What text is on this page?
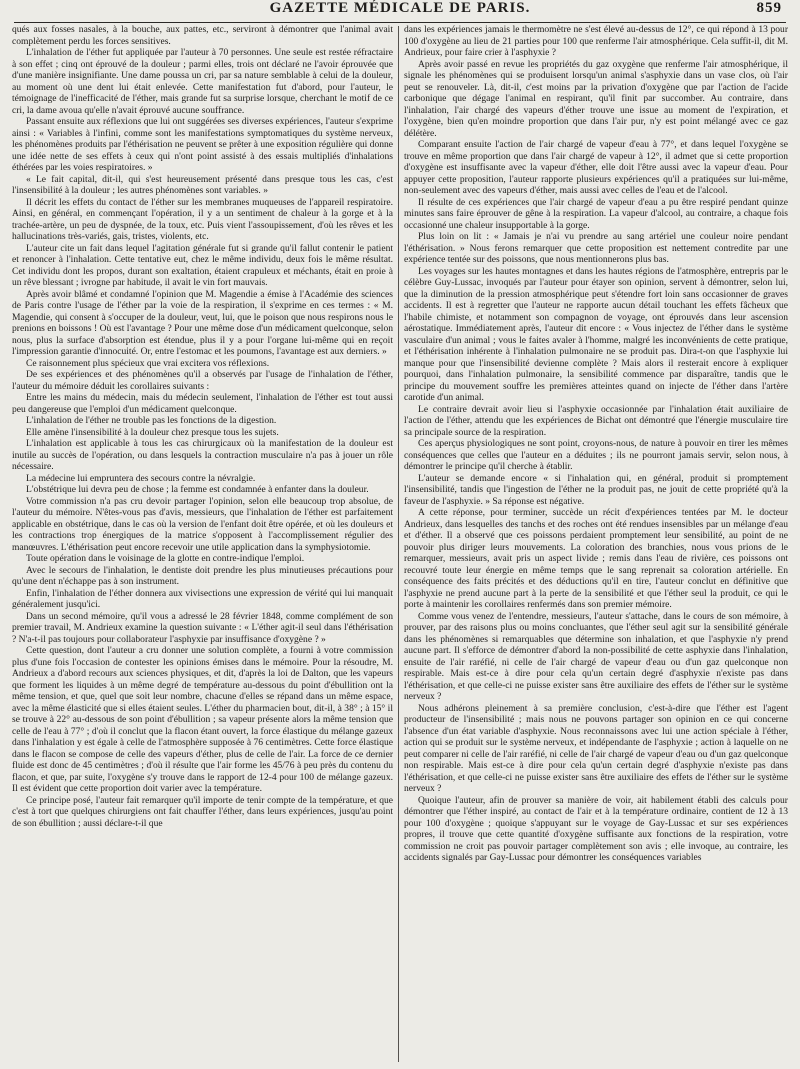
GAZETTE MÉDICALE DE PARIS.	859

qués aux fosses nasales, à la bouche, aux pattes, etc., serviront à démontrer que l'animal avait complètement perdu les forces sensitives.

L'inhalation de l'éther fut appliquée par l'auteur à 70 personnes. Une seule est restée réfractaire à son effet ; cinq ont éprouvé de la douleur ; parmi elles, trois ont déclaré ne l'avoir éprouvée que d'une manière insignifiante. Une dame poussa un cri, par sa nature semblable à celui de la douleur, au moment où une dent lui était enlevée. Cette manifestation fut d'abord, pour l'auteur, le témoignage de l'inefficacité de l'éther, mais grande fut sa surprise lorsque, cherchant le motif de ce cri, la dame avoua qu'elle n'avait éprouvé aucune souffrance.

Passant ensuite aux réflexions que lui ont suggérées ses diverses expériences, l'auteur s'exprime ainsi : « Variables à l'infini, comme sont les manifestations symptomatiques du système nerveux, les phénomènes produits par l'éthérisation ne peuvent se prêter à une exposition régulière qui donne une idée nette de ses effets à ceux qui n'ont point assisté à des essais multipliés d'inhalations éthérées par les voies respiratoires. »

« Le fait capital, dit-il, qui s'est heureusement présenté dans presque tous les cas, c'est l'insensibilité à la douleur ; les autres phénomènes sont variables. »

Il décrit les effets du contact de l'éther sur les membranes muqueuses de l'appareil respiratoire. Ainsi, en général, en commençant l'opération, il y a un sentiment de chaleur à la gorge et à la trachée-artère, un peu de dyspnée, de la toux, etc. Puis vient l'assoupissement, d'où les rêves et les hallucinations très-variés, gais, tristes, violents, etc.

L'auteur cite un fait dans lequel l'agitation générale fut si grande qu'il fallut contenir le patient et renoncer à l'inhalation. Cette tentative eut, chez le même individu, deux fois le même résultat. Cet individu dont les propos, durant son exaltation, étaient crapuleux et méchants, était en proie à un rêve blessant ; ivrogne par habitude, il avait le vin fort mauvais.

Après avoir blâmé et condamné l'opinion que M. Magendie a émise à l'Académie des sciences de Paris contre l'usage de l'éther par la voie de la respiration, il s'exprime en ces termes : « M. Magendie, qui consent à s'occuper de la douleur, veut, lui, que le poison que nous respirons nous le prenions en boissons ! Où est l'avantage ? Pour une même dose d'un médicament quelconque, selon nous, plus la surface d'absorption est étendue, plus il y a pour l'organe lui-même qui en reçoit l'impression garantie d'innocuité. Or, entre l'estomac et les poumons, l'avantage est aux derniers. »

Ce raisonnement plus spécieux que vrai excitera vos réflexions.

De ses expériences et des phénomènes qu'il a observés par l'usage de l'inhalation de l'éther, l'auteur du mémoire déduit les corollaires suivants :

Entre les mains du médecin, mais du médecin seulement, l'inhalation de l'éther est tout aussi peu dangereuse que l'emploi d'un médicament quelconque.

L'inhalation de l'éther ne trouble pas les fonctions de la digestion.

Elle amène l'insensibilité à la douleur chez presque tous les sujets.

L'inhalation est applicable à tous les cas chirurgicaux où la manifestation de la douleur est inutile au succès de l'opération, ou dans lesquels la contraction musculaire n'a pas à jouer un rôle nécessaire.

La médecine lui empruntera des secours contre la névralgie.

L'obstétrique lui devra peu de chose ; la femme est condamnée à enfanter dans la douleur.

Votre commission n'a pas cru devoir partager l'opinion, selon elle beaucoup trop absolue, de l'auteur du mémoire. N'êtes-vous pas d'avis, messieurs, que l'inhalation de l'éther est parfaitement applicable en obstétrique, dans le cas où la version de l'enfant doit être opérée, et où les douleurs et les contractions trop énergiques de la matrice s'opposent à l'accomplissement régulier des manœuvres. L'éthérisation peut encore recevoir une utile application dans la symphysiotomie.

Toute opération dans le voisinage de la glotte en contre-indique l'emploi.

Avec le secours de l'inhalation, le dentiste doit prendre les plus minutieuses précautions pour qu'une dent n'échappe pas à son instrument.

Enfin, l'inhalation de l'éther donnera aux vivisections une expression de vérité qui lui manquait généralement jusqu'ici.

Dans un second mémoire, qu'il vous a adressé le 28 février 1848, comme complément de son premier travail, M. Andrieux examine la question suivante : « L'éther agit-il seul dans l'éthérisation ? N'a-t-il pas toujours pour collaborateur l'asphyxie par insuffisance d'oxygène ? »

Cette question, dont l'auteur a cru donner une solution complète, a fourni à votre commission plus d'une fois l'occasion de contester les opinions émises dans le mémoire. Pour la résoudre, M. Andrieux a d'abord recours aux sciences physiques, et dit, d'après la loi de Dalton, que les vapeurs que forment les liquides à un même degré de température au-dessous du point d'ébullition ont la même tension, et que, quel que soit leur nombre, chacune d'elles se répand dans un même espace, avec la même élasticité que si elles étaient seules. L'éther du pharmacien bout, dit-il, à 38° ; à 15° il se trouve à 22° au-dessous de son point d'ébullition ; sa vapeur présente alors la même tension que celle de l'eau à 77° ; d'où il conclut que la flacon étant ouvert, la force élastique du mélange gazeux dans l'inhalation y est égale à celle de l'atmosphère supposée à 76 centimètres. Cette force élastique dans le flacon se compose de celle des vapeurs d'éther, plus de celle de l'air. La force de ce dernier fluide est donc de 45 centimètres ; d'où il résulte que l'air forme les 45/76 à peu près du contenu du flacon, et que, par suite, l'oxygène s'y trouve dans le rapport de 12-4 pour 100 de mélange gazeux. Il est évident que cette proportion doit varier avec la température.

Ce principe posé, l'auteur fait remarquer qu'il importe de tenir compte de la température, et que c'est à tort que quelques chirurgiens ont fait chauffer l'éther, dans leurs expériences, jusqu'au point de son ébullition ; aussi déclare-t-il que

dans les expériences jamais le thermomètre ne s'est élevé au-dessus de 12°, ce qui répond à 13 pour 100 d'oxygène au lieu de 21 parties pour 100 que renferme l'air atmosphérique. Cela suffit-il, dit M. Andrieux, pour faire crier à l'asphyxie ?

Après avoir passé en revue les propriétés du gaz oxygène que renferme l'air atmosphérique, il signale les phénomènes qui se produisent lorsqu'un animal s'asphyxie dans un vase clos, où l'air peut se renouveler. Là, dit-il, c'est moins par la privation d'oxygène que par l'action de l'acide carbonique que dégage l'animal en respirant, qu'il finit par succomber. Au contraire, dans l'inhalation, l'air chargé des vapeurs d'éther trouve une issue au moment de l'expiration, et l'oxygène, bien qu'en moindre proportion que dans l'air pur, n'y est point mélangé avec ce gaz délétère.

Comparant ensuite l'action de l'air chargé de vapeur d'eau à 77°, et dans lequel l'oxygène se trouve en même proportion que dans l'air chargé de vapeur à 12°, il admet que si cette proportion d'oxygène est insuffisante avec la vapeur d'éther, elle doit l'être aussi avec la vapeur d'eau. Pour appuyer cette proposition, l'auteur rapporte plusieurs expériences qu'il a pratiquées sur lui-même, non-seulement avec des vapeurs d'éther, mais aussi avec celles de l'eau et de l'alcool.

Il résulte de ces expériences que l'air chargé de vapeur d'eau a pu être respiré pendant quinze minutes sans faire éprouver de gêne à la respiration. La vapeur d'alcool, au contraire, a chaque fois occasionné une chaleur insupportable à la gorge.

Plus loin on lit : « Jamais je n'ai vu prendre au sang artériel une couleur noire pendant l'éthérisation. » Nous ferons remarquer que cette proposition est nettement contredite par une expérience tentée sur des poissons, que nous mentionnerons plus bas.

Les voyages sur les hautes montagnes et dans les hautes régions de l'atmosphère, entrepris par le célèbre Guy-Lussac, invoqués par l'auteur pour étayer son opinion, servent à démontrer, selon lui, que la diminution de la pression atmosphérique peut s'étendre fort loin sans occasionner de graves accidents. Il est à regretter que l'auteur ne rapporte aucun détail touchant les effets fâcheux que l'habile chimiste, et notamment son compagnon de voyage, ont éprouvés dans leur ascension aérostatique. Immédiatement après, l'auteur dit encore : « Vous injectez de l'éther dans le système vasculaire d'un animal ; vous le faites avaler à l'homme, malgré les inconvénients de cette pratique, et l'éthérisation inhérente à l'inhalation pulmonaire ne se produit pas. Dira-t-on que l'asphyxie lui manque pour que l'insensibilité devienne complète ? Mais alors il resterait encore à expliquer pourquoi, dans l'inhalation pulmonaire, la sensibilité commence par disparaître, tandis que le principe du mouvement souffre les premières atteintes quand on injecte de l'éther dans l'artère carotide d'un animal.

Le contraire devrait avoir lieu si l'asphyxie occasionnée par l'inhalation était auxiliaire de l'action de l'éther, attendu que les expériences de Bichat ont démontré que l'énergie musculaire tire sa principale source de la respiration.

Ces aperçus physiologiques ne sont point, croyons-nous, de nature à pouvoir en tirer les mêmes conséquences que celles que l'auteur en a déduites ; ils ne pourront jamais servir, selon nous, à démontrer le principe qu'il cherche à établir.

L'auteur se demande encore « si l'inhalation qui, en général, produit si promptement l'insensibilité, tandis que l'ingestion de l'éther ne la produit pas, ne jouit de cette propriété qu'à la faveur de l'asphyxie. » Sa réponse est négative.

A cette réponse, pour terminer, succède un récit d'expériences tentées par M. le docteur Andrieux, dans lesquelles des tanchs et des roches ont été rendues insensibles par un mélange d'eau et d'éther. Il a observé que ces poissons perdaient promptement leur sensibilité, au point de ne pouvoir plus diriger leurs mouvements. La coloration des branchies, nous vous prions de le remarquer, messieurs, avait pris un aspect livide ; remis dans l'eau de rivière, ces poissons ont recouvré toute leur énergie en même temps que le sang reprenait sa coloration artérielle. En conséquence des faits précités et des déductions qu'il en tire, l'auteur conclut en définitive que l'asphyxie ne prend aucune part à la perte de la sensibilité et que l'éther seul la produit, ce qui le porte à maintenir les corollaires renfermés dans son premier mémoire.

Comme vous venez de l'entendre, messieurs, l'auteur s'attache, dans le cours de son mémoire, à prouver, par des raisons plus ou moins concluantes, que l'éther seul agit sur la sensibilité générale dans les phénomènes si remarquables que détermine son inhalation, et que l'asphyxie n'y prend aucune part. Il s'efforce de démontrer d'abord la non-possibilité de cette asphyxie dans l'inhalation, ensuite de l'air raréfié, ni celle de l'air chargé de vapeur d'eau ou d'un gaz quelconque non respirable. Mais est-ce à dire pour cela qu'un certain degré d'asphyxie n'existe pas dans l'éthérisation, et que celle-ci ne puisse exister sans être auxiliaire des effets de l'éther sur le système nerveux ?

Nous adhérons pleinement à sa première conclusion, c'est-à-dire que l'éther est l'agent producteur de l'insensibilité ; mais nous ne pouvons partager son opinion en ce qui concerne l'absence d'un état variable d'asphyxie. Nous reconnaissons avec lui une action spéciale à l'éther, action qui se produit sur le système nerveux, et indépendante de l'asphyxie ; action à laquelle on ne peut comparer ni celle de l'air raréfié, ni celle de l'air chargé de vapeur d'eau ou d'un gaz quelconque non respirable. Mais est-ce à dire pour cela qu'un certain degré d'asphyxie n'existe pas dans l'éthérisation, et que celle-ci ne puisse exister sans être auxiliaire des effets de l'éther sur le système nerveux ?

Quoique l'auteur, afin de prouver sa manière de voir, ait habilement établi des calculs pour démontrer que l'éther inspiré, au contact de l'air et à la température ordinaire, contient de 12 à 13 pour 100 d'oxygène ; quoique s'appuyant sur le voyage de Gay-Lussac et sur ses expériences propres, il trouve que cette quantité d'oxygène suffisante aux fonctions de la respiration, votre commission ne croit pas pouvoir partager complètement son avis ; elle invoque, au contraire, les accidents signalés par Gay-Lussac pour démontrer les conséquences variables
